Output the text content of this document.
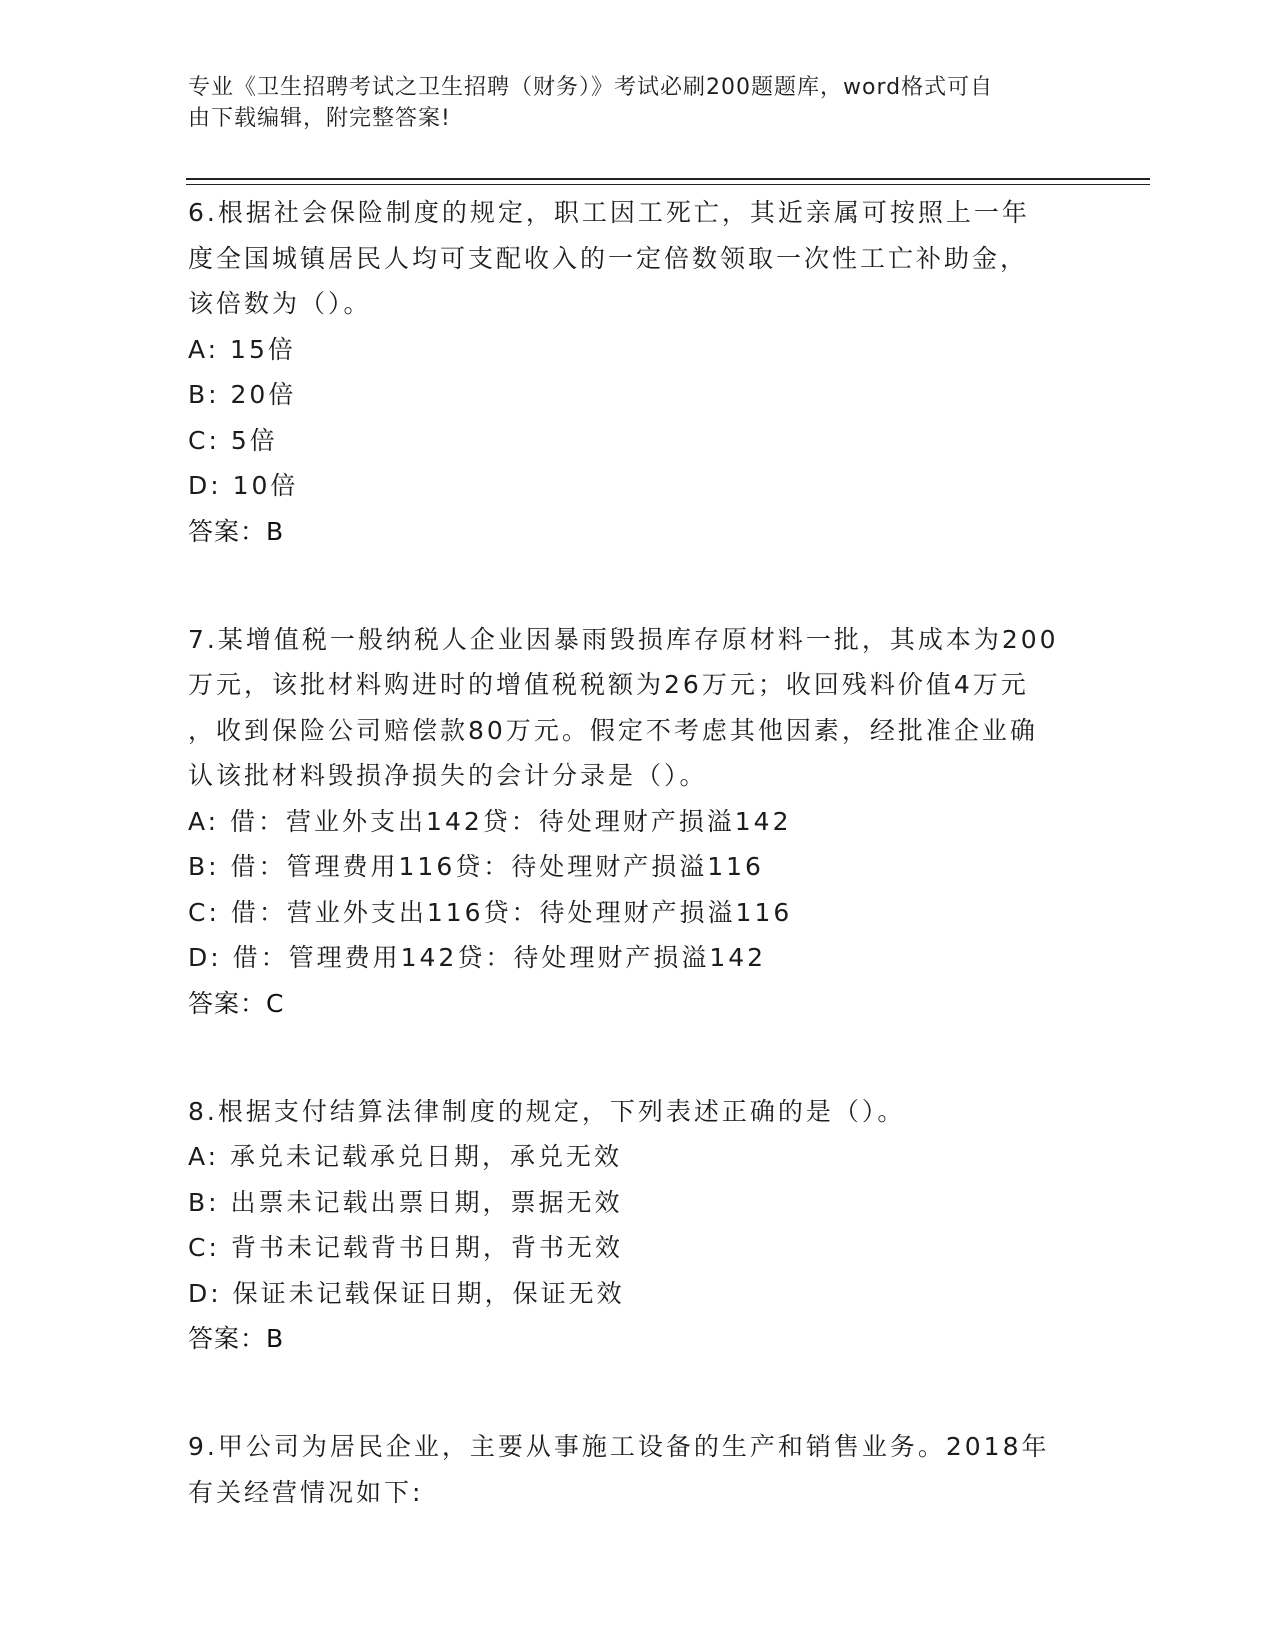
专业《卫生招聘考试之卫生招聘（财务）》考试必刷200题题库，word格式可自
由下载编辑，附完整答案!

6.根据社会保险制度的规定，职工因工死亡，其近亲属可按照上一年

度全国城镇居民人均可支配收入的一定倍数领取一次性工亡补助金，

该倍数为（）。

A: 15倍

B: 20倍

C: 5倍

D: 10倍

答案：B

7.某增值税一般纳税人企业因暴雨毁损库存原材料一批，其成本为200

万元，该批材料购进时的增值税税额为26万元；收回残料价值4万元

，收到保险公司赔偿款80万元。假定不考虑其他因素，经批准企业确

认该批材料毁损净损失的会计分录是（）。

A: 借：营业外支出142贷：待处理财产损溢142

B: 借：管理费用116贷：待处理财产损溢116

C: 借：营业外支出116贷：待处理财产损溢116

D: 借：管理费用142贷：待处理财产损溢142

答案：C

8.根据支付结算法律制度的规定，下列表述正确的是（）。

A: 承兑未记载承兑日期，承兑无效

B: 出票未记载出票日期，票据无效

C: 背书未记载背书日期，背书无效

D: 保证未记载保证日期，保证无效

答案：B

9.甲公司为居民企业，主要从事施工设备的生产和销售业务。2018年

有关经营情况如下:
